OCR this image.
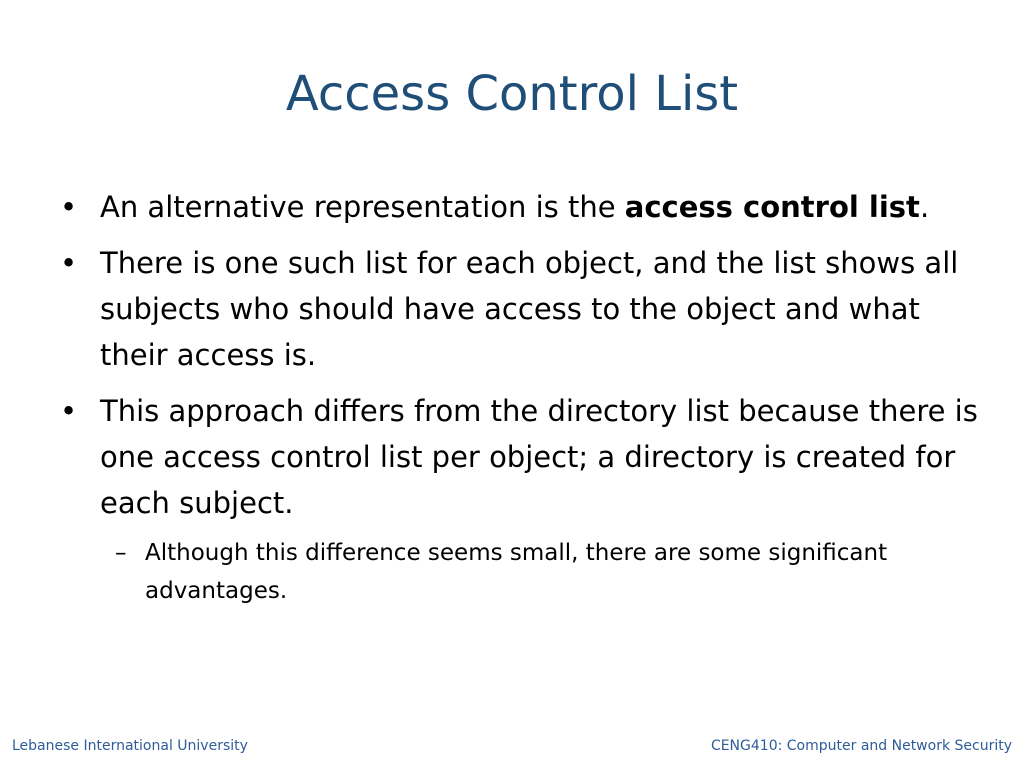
Access Control List
• An alternative representation is the access control list.
• There is one such list for each object, and the list shows all subjects who should have access to the object and what their access is.
• This approach differs from the directory list because there is one access control list per object; a directory is created for each subject.
– Although this difference seems small, there are some significant advantages.
Lebanese International University	CENG410: Computer and Network Security
